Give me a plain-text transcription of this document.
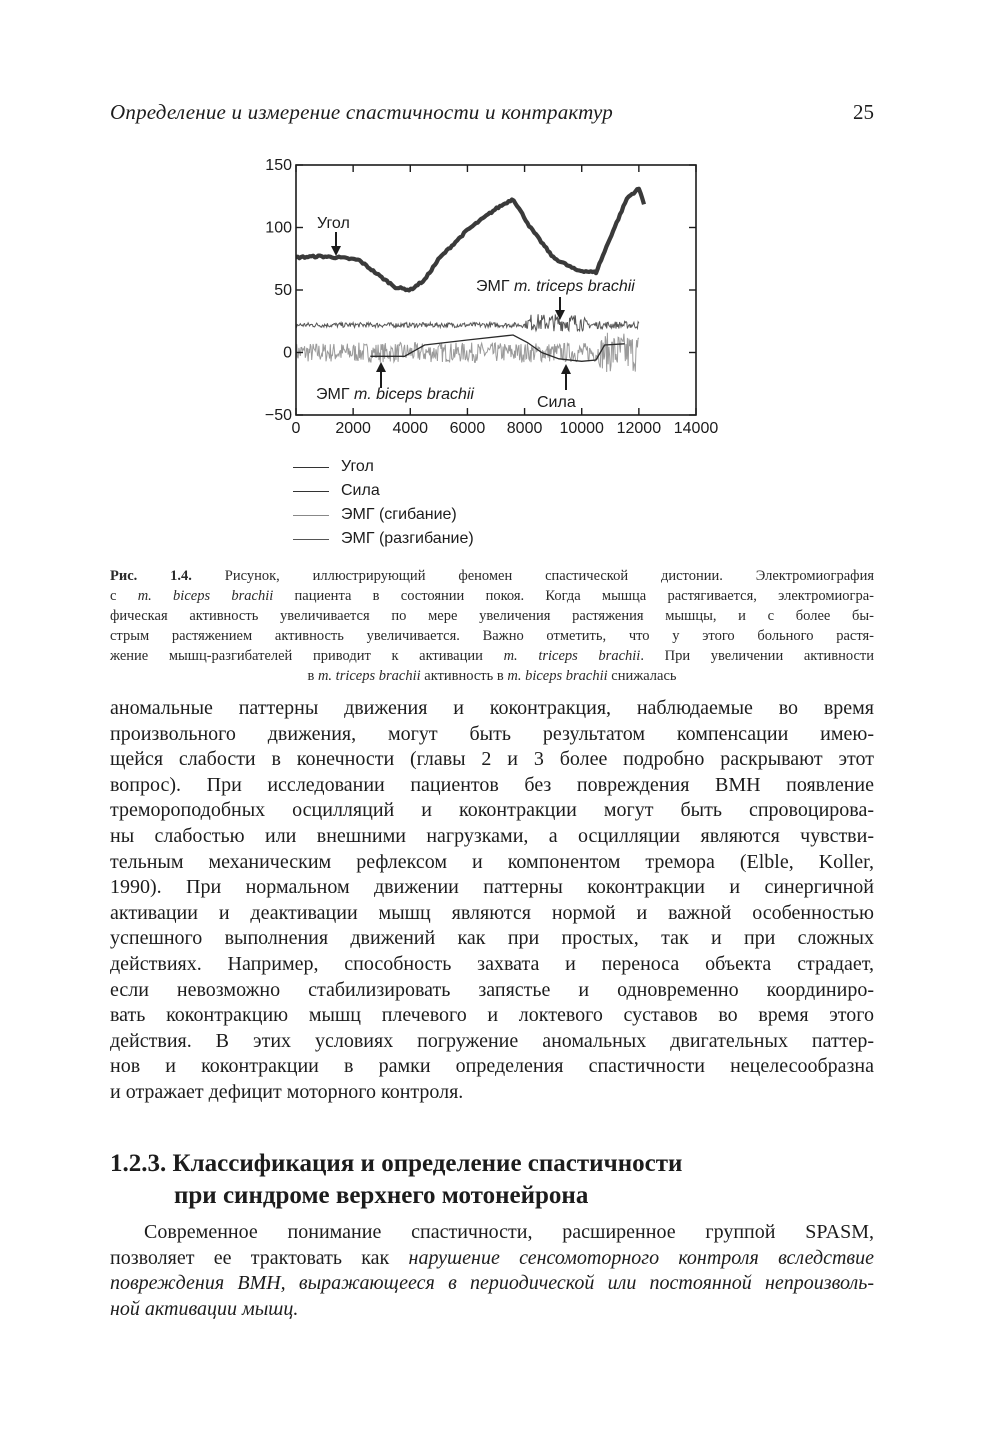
Определение и измерение спастичности и контрактур	25
150
100
50
0
−50
0 2000 4000 6000 8000 10000 12000 14000
Угол
ЭМГ m. triceps brachii
ЭМГ m. biceps brachii	Сила
Угол
Сила
ЭМГ (сгибание)
ЭМГ (разгибание)
Рис. 1.4. Рисунок, иллюстрирующий феномен спастической дистонии. Электромиография
с m. biceps brachii пациента в состоянии покоя. Когда мышца растягивается, электромиогра-
фическая активность увеличивается по мере увеличения растяжения мышцы, и с более бы-
стрым растяжением активность увеличивается. Важно отметить, что у этого больного растя-
жение мышц-разгибателей приводит к активации m. triceps brachii. При увеличении активности
в m. triceps brachii активность в m. biceps brachii снижалась
аномальные паттерны движения и коконтракция, наблюдаемые во время
произвольного движения, могут быть результатом компенсации имею-
щейся слабости в конечности (главы 2 и 3 более подробно раскрывают этот
вопрос). При исследовании пациентов без повреждения ВМН появление
тремороподобных осцилляций и коконтракции могут быть спровоцирова-
ны слабостью или внешними нагрузками, а осцилляции являются чувстви-
тельным механическим рефлексом и компонентом тремора (Elble, Koller,
1990). При нормальном движении паттерны коконтракции и синергичной
активации и деактивации мышц являются нормой и важной особенностью
успешного выполнения движений как при простых, так и при сложных
действиях. Например, способность захвата и переноса объекта страдает,
если невозможно стабилизировать запястье и одновременно координиро-
вать коконтракцию мышц плечевого и локтевого суставов во время этого
действия. В этих условиях погружение аномальных двигательных паттер-
нов и коконтракции в рамки определения спастичности нецелесообразна
и отражает дефицит моторного контроля.
1.2.3. Классификация и определение спастичности
при синдроме верхнего мотонейрона
Современное понимание спастичности, расширенное группой SPASM,
позволяет ее трактовать как нарушение сенсомоторного контроля вследствие
повреждения ВМН, выражающееся в периодической или постоянной непроизволь-
ной активации мышц.
